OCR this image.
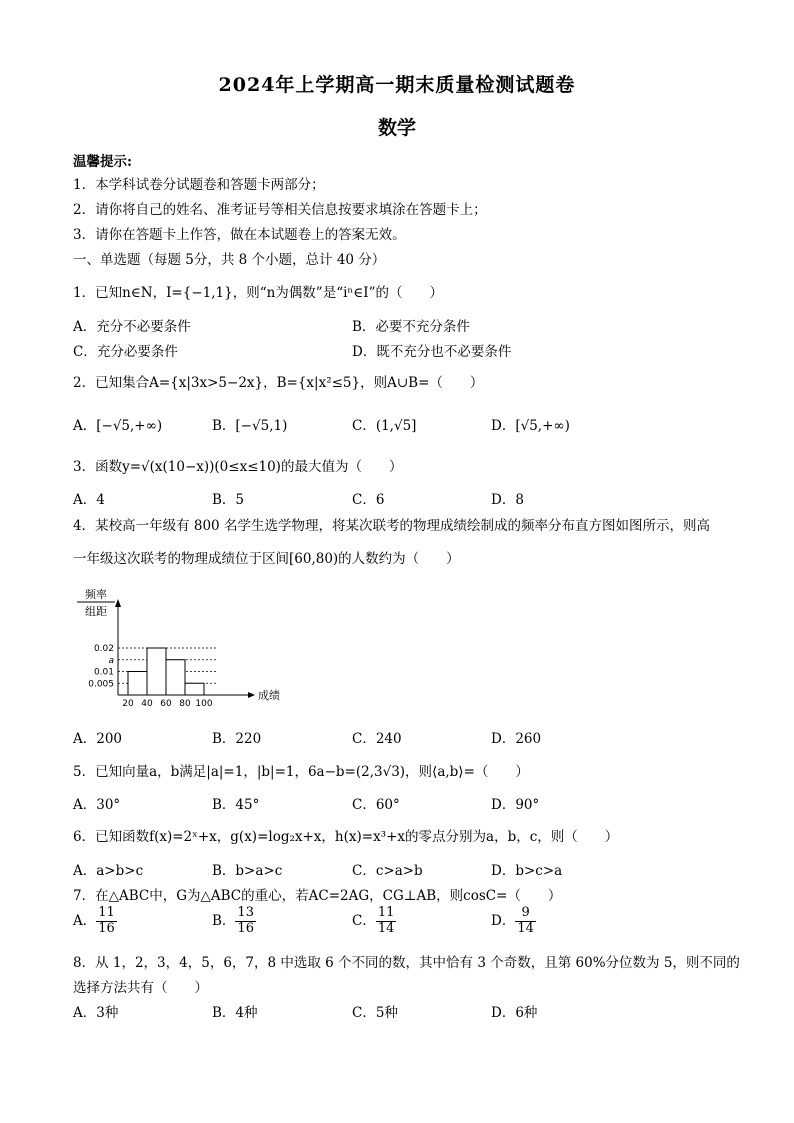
2024年上学期高一期末质量检测试题卷
数学
温馨提示:
1．本学科试卷分试题卷和答题卡两部分；
2．请你将自己的姓名、准考证号等相关信息按要求填涂在答题卡上；
3．请你在答题卡上作答，做在本试题卷上的答案无效。
一、单选题（每题 5分，共 8 个小题，总计 40 分）
1．已知n∈N，I={−1,1}，则“n为偶数”是“iⁿ∈I”的（　　）
A．充分不必要条件	B．必要不充分条件
C．充分必要条件	D．既不充分也不必要条件
2．已知集合A={x|3x>5−2x}，B={x|x²≤5}，则A∪B=（　　）
A．[−√5,+∞)	B．[−√5,1)	C．(1,√5]	D．[√5,+∞)
3．函数y=√(x(10−x))(0≤x≤10)的最大值为（　　）
A．4	B．5	C．6	D．8
4．某校高一年级有 800 名学生选学物理，将某次联考的物理成绩绘制成的频率分布直方图如图所示，则高
一年级这次联考的物理成绩位于区间[60,80)的人数约为（　　）
频率
组距
成绩
0.02
a
0.01
0.005
20 40 60 80 100
A．200	B．220	C．240	D．260
5．已知向量a，b满足|a|=1，|b|=1，6a−b=(2,3√3)，则⟨a,b⟩=（　　）
A．30°	B．45°	C．60°	D．90°
6．已知函数f(x)=2ˣ+x，g(x)=log₂x+x，h(x)=x³+x的零点分别为a，b，c，则（　　）
A．a>b>c	B．b>a>c	C．c>a>b	D．b>c>a
7．在△ABC中，G为△ABC的重心，若AC=2AG，CG⊥AB，则cosC=（　　）
A． $\frac{11}{16}$	B． $\frac{13}{16}$	C． $\frac{11}{14}$	D． $\frac{9}{14}$
8．从 1，2，3，4，5，6，7，8 中选取 6 个不同的数，其中恰有 3 个奇数，且第 60%分位数为 5，则不同的
选择方法共有（　　）
A．3种	B．4种	C．5种	D．6种
